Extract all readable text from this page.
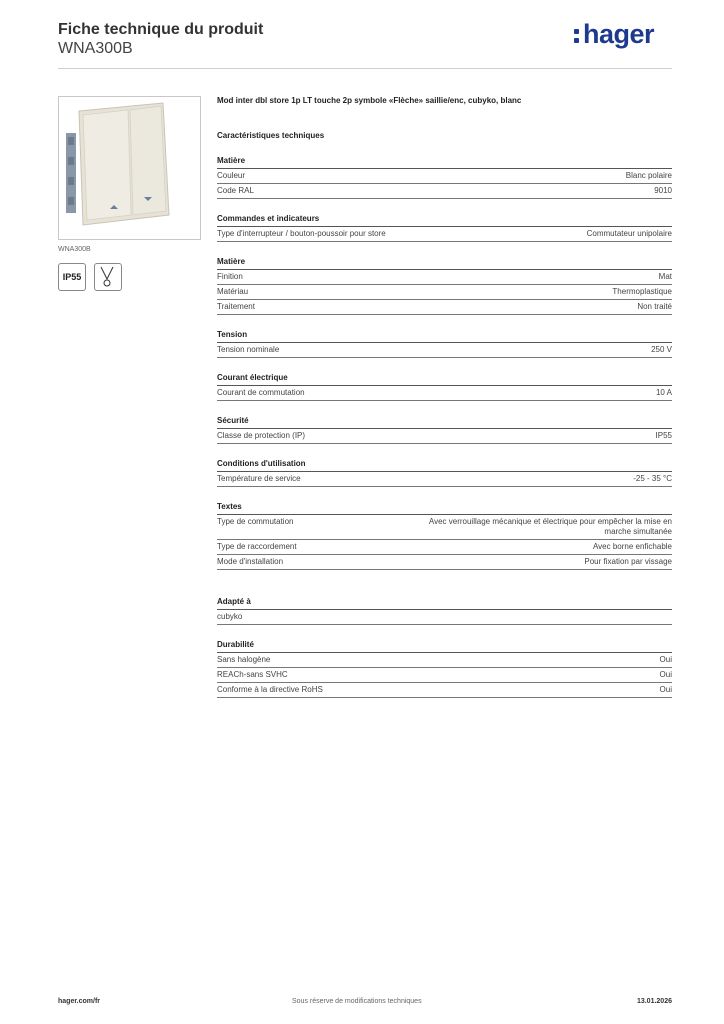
Fiche technique du produit
WNA300B	hager
WNA300B
IP55
Mod inter dbl store 1p LT touche 2p symbole «Flèche» saillie/enc, cubyko, blanc
Caractéristiques techniques
Matière
Couleur	Blanc polaire
Code RAL	9010
Commandes et indicateurs
Type d'interrupteur / bouton-poussoir pour store	Commutateur unipolaire
Matière
Finition	Mat
Matériau	Thermoplastique
Traitement	Non traité
Tension
Tension nominale	250 V
Courant électrique
Courant de commutation	10 A
Sécurité
Classe de protection (IP)	IP55
Conditions d'utilisation
Température de service	-25 - 35 °C
Textes
Type de commutation	Avec verrouillage mécanique et électrique pour empêcher la mise en marche simultanée
Type de raccordement	Avec borne enfichable
Mode d'installation	Pour fixation par vissage
Adapté à
cubyko
Durabilité
Sans halogène	Oui
REACh-sans SVHC	Oui
Conforme à la directive RoHS	Oui
hager.com/fr	Sous réserve de modifications techniques	13.01.2026
